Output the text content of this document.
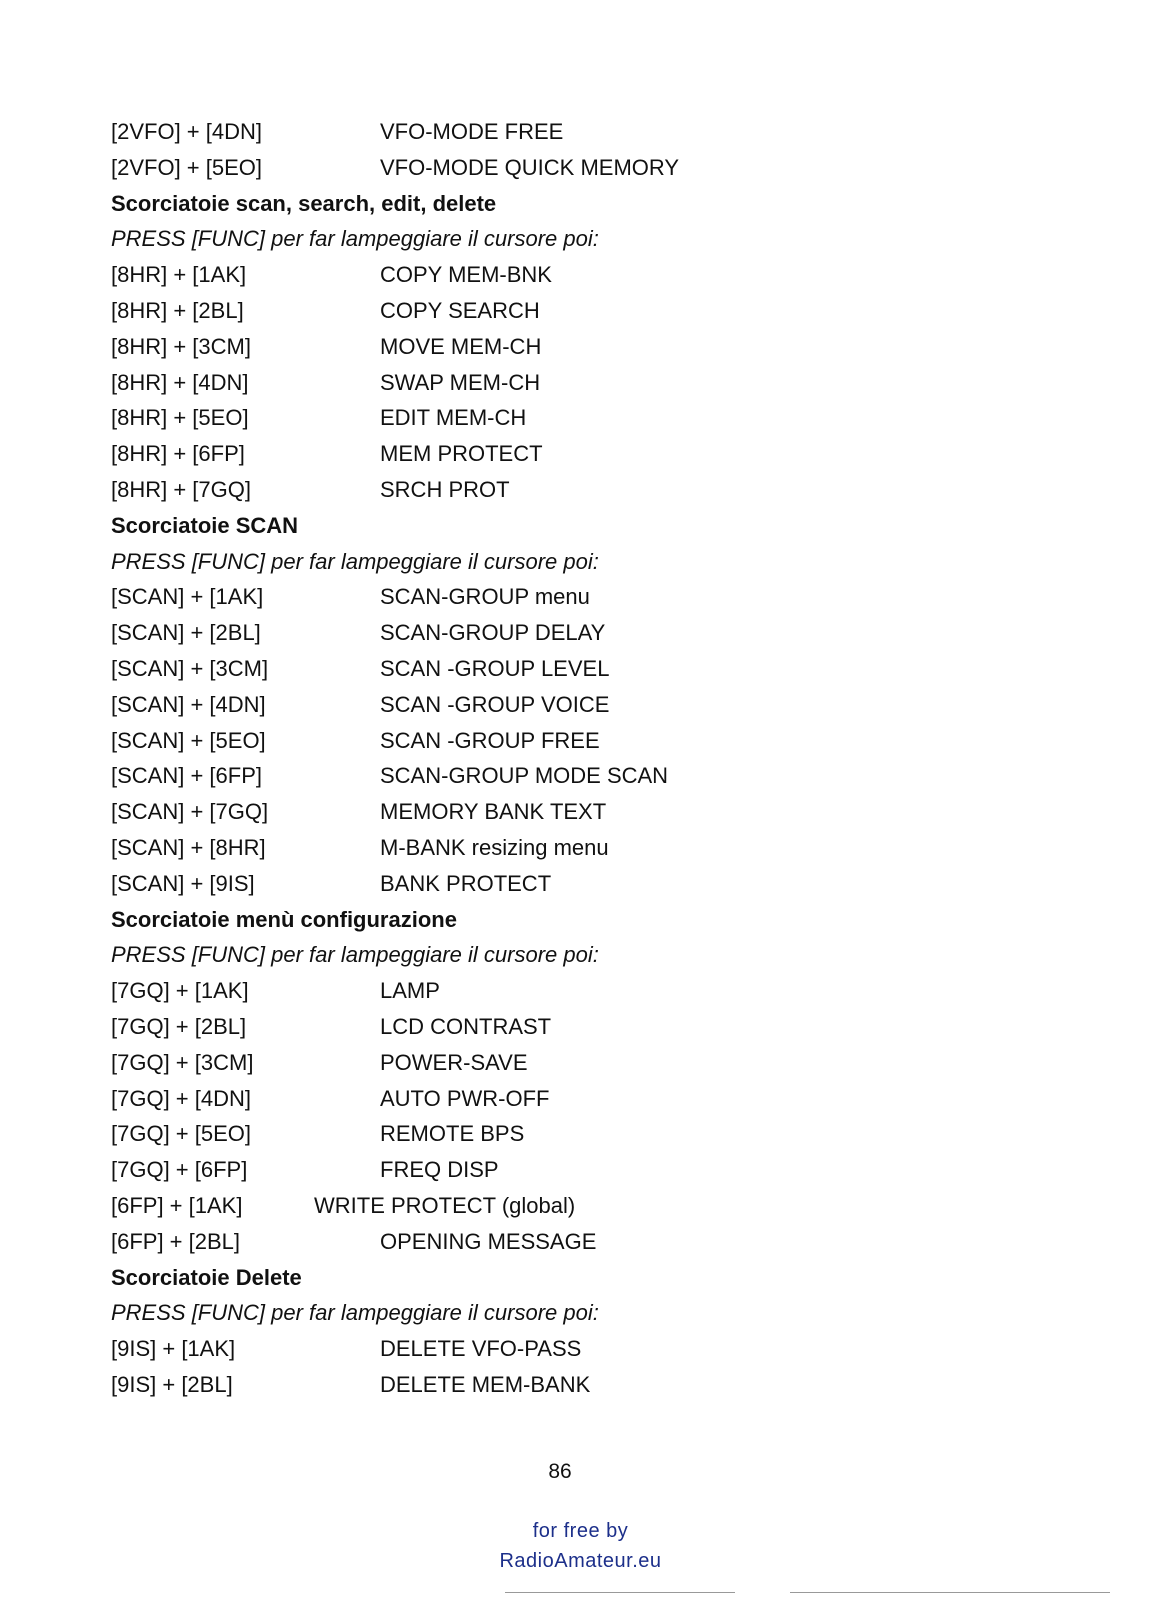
[2VFO] + [4DN]	VFO-MODE FREE
[2VFO] + [5EO]	VFO-MODE QUICK MEMORY
Scorciatoie scan, search, edit, delete
PRESS [FUNC] per far lampeggiare il cursore poi:
[8HR] + [1AK]	COPY MEM-BNK
[8HR] + [2BL]	COPY SEARCH
[8HR] + [3CM]	MOVE MEM-CH
[8HR] + [4DN]	SWAP MEM-CH
[8HR] + [5EO]	EDIT MEM-CH
[8HR] + [6FP]	MEM PROTECT
[8HR] + [7GQ]	SRCH PROT
Scorciatoie SCAN
PRESS [FUNC] per far lampeggiare il cursore poi:
[SCAN] + [1AK]	SCAN-GROUP menu
[SCAN] + [2BL]	SCAN-GROUP DELAY
[SCAN] + [3CM]	SCAN -GROUP LEVEL
[SCAN] + [4DN]	SCAN -GROUP VOICE
[SCAN] + [5EO]	SCAN -GROUP FREE
[SCAN] + [6FP]	SCAN-GROUP MODE SCAN
[SCAN] + [7GQ]	MEMORY BANK TEXT
[SCAN] + [8HR]	M-BANK resizing menu
[SCAN] + [9IS]	BANK PROTECT
Scorciatoie menù configurazione
PRESS [FUNC] per far lampeggiare il cursore poi:
[7GQ] + [1AK]	LAMP
[7GQ] + [2BL]	LCD CONTRAST
[7GQ] + [3CM]	POWER-SAVE
[7GQ] + [4DN]	AUTO PWR-OFF
[7GQ] + [5EO]	REMOTE BPS
[7GQ] + [6FP]	FREQ DISP
[6FP] + [1AK]	WRITE PROTECT (global)
[6FP] + [2BL]	OPENING MESSAGE
Scorciatoie Delete
PRESS [FUNC] per far lampeggiare il cursore poi:
[9IS] + [1AK]	DELETE VFO-PASS
[9IS] + [2BL]	DELETE MEM-BANK
86
for free by
RadioAmateur.eu
